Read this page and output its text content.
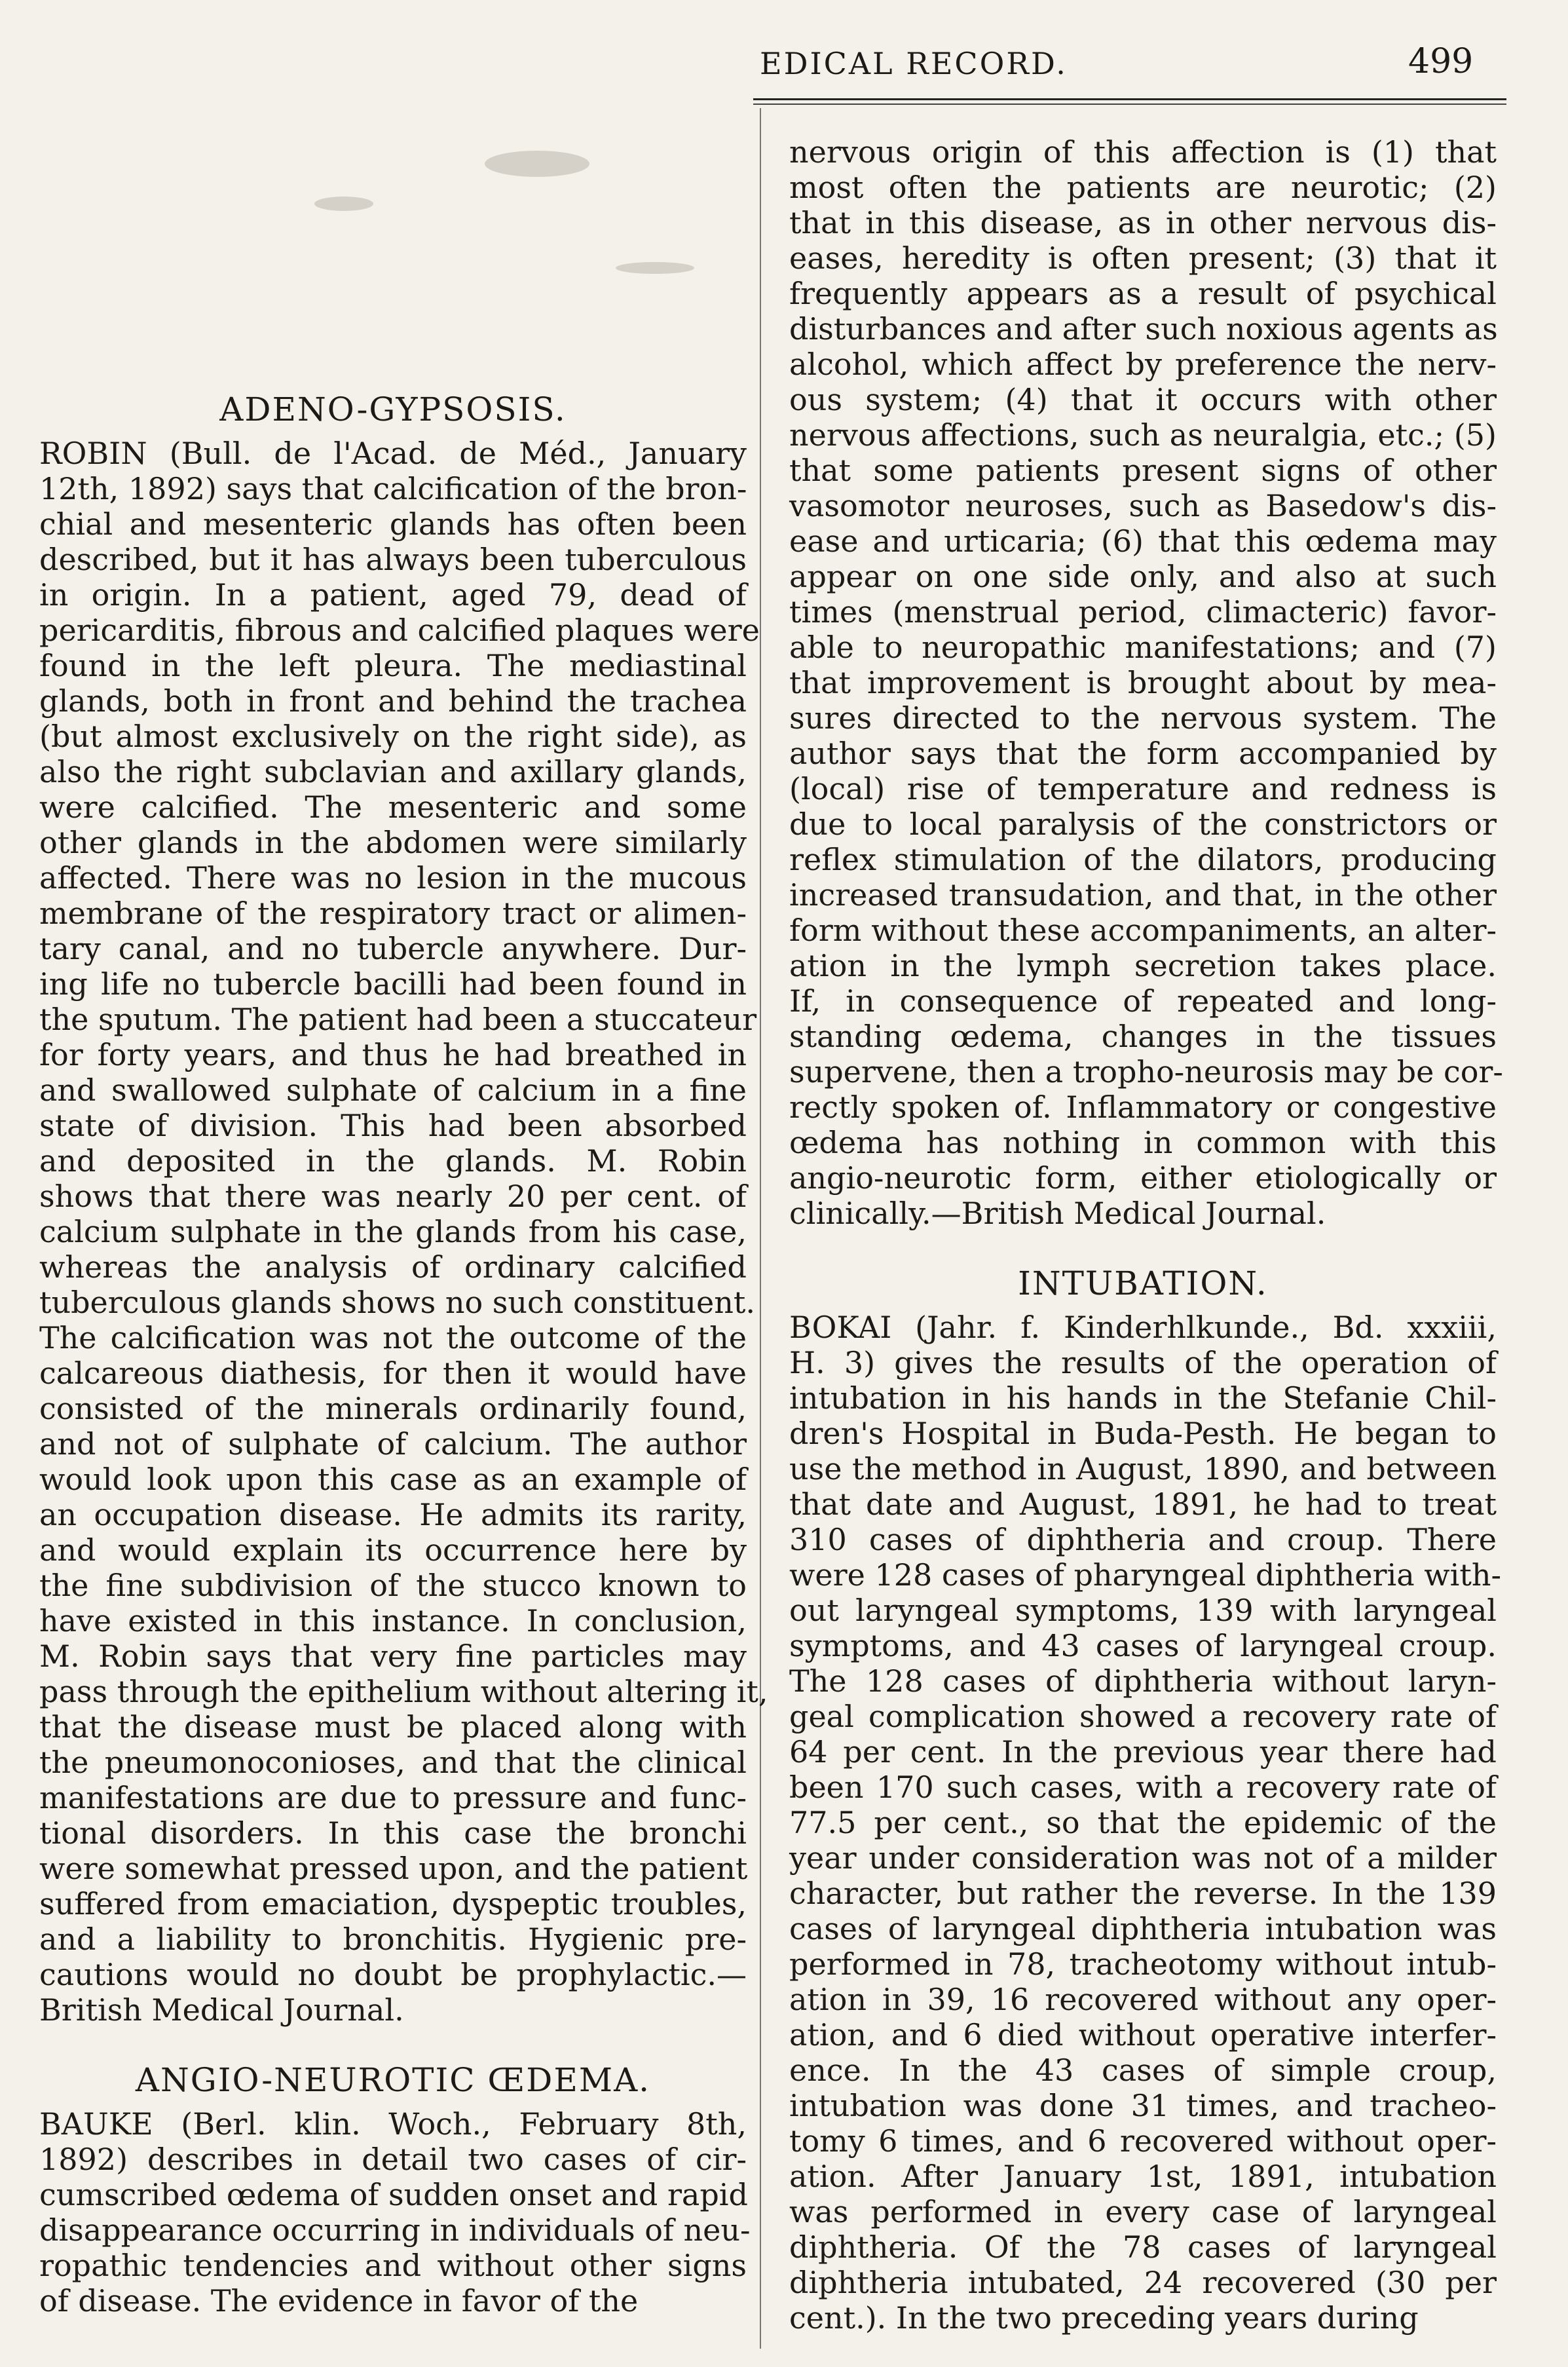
EDICAL RECORD.	499
ADENO-GYPSOSIS.
ROBIN (Bull. de l'Acad. de Méd., January
12th, 1892) says that calcification of the bron-
chial and mesenteric glands has often been
described, but it has always been tuberculous
in origin. In a patient, aged 79, dead of
pericarditis, fibrous and calcified plaques were
found in the left pleura. The mediastinal
glands, both in front and behind the trachea
(but almost exclusively on the right side), as
also the right subclavian and axillary glands,
were calcified. The mesenteric and some
other glands in the abdomen were similarly
affected. There was no lesion in the mucous
membrane of the respiratory tract or alimen-
tary canal, and no tubercle anywhere. Dur-
ing life no tubercle bacilli had been found in
the sputum. The patient had been a stuccateur
for forty years, and thus he had breathed in
and swallowed sulphate of calcium in a fine
state of division. This had been absorbed
and deposited in the glands. M. Robin
shows that there was nearly 20 per cent. of
calcium sulphate in the glands from his case,
whereas the analysis of ordinary calcified
tuberculous glands shows no such constituent.
The calcification was not the outcome of the
calcareous diathesis, for then it would have
consisted of the minerals ordinarily found,
and not of sulphate of calcium. The author
would look upon this case as an example of
an occupation disease. He admits its rarity,
and would explain its occurrence here by
the fine subdivision of the stucco known to
have existed in this instance. In conclusion,
M. Robin says that very fine particles may
pass through the epithelium without altering it,
that the disease must be placed along with
the pneumonoconioses, and that the clinical
manifestations are due to pressure and func-
tional disorders. In this case the bronchi
were somewhat pressed upon, and the patient
suffered from emaciation, dyspeptic troubles,
and a liability to bronchitis. Hygienic pre-
cautions would no doubt be prophylactic.—
British Medical Journal.
ANGIO-NEUROTIC ŒDEMA.
BAUKE (Berl. klin. Woch., February 8th,
1892) describes in detail two cases of cir-
cumscribed œdema of sudden onset and rapid
disappearance occurring in individuals of neu-
ropathic tendencies and without other signs
of disease. The evidence in favor of the
nervous origin of this affection is (1) that
most often the patients are neurotic; (2)
that in this disease, as in other nervous dis-
eases, heredity is often present; (3) that it
frequently appears as a result of psychical
disturbances and after such noxious agents as
alcohol, which affect by preference the nerv-
ous system; (4) that it occurs with other
nervous affections, such as neuralgia, etc.; (5)
that some patients present signs of other
vasomotor neuroses, such as Basedow's dis-
ease and urticaria; (6) that this œdema may
appear on one side only, and also at such
times (menstrual period, climacteric) favor-
able to neuropathic manifestations; and (7)
that improvement is brought about by mea-
sures directed to the nervous system. The
author says that the form accompanied by
(local) rise of temperature and redness is
due to local paralysis of the constrictors or
reflex stimulation of the dilators, producing
increased transudation, and that, in the other
form without these accompaniments, an alter-
ation in the lymph secretion takes place.
If, in consequence of repeated and long-
standing œdema, changes in the tissues
supervene, then a tropho-neurosis may be cor-
rectly spoken of. Inflammatory or congestive
œdema has nothing in common with this
angio-neurotic form, either etiologically or
clinically.—British Medical Journal.
INTUBATION.
BOKAI (Jahr. f. Kinderhlkunde., Bd. xxxiii,
H. 3) gives the results of the operation of
intubation in his hands in the Stefanie Chil-
dren's Hospital in Buda-Pesth. He began to
use the method in August, 1890, and between
that date and August, 1891, he had to treat
310 cases of diphtheria and croup. There
were 128 cases of pharyngeal diphtheria with-
out laryngeal symptoms, 139 with laryngeal
symptoms, and 43 cases of laryngeal croup.
The 128 cases of diphtheria without laryn-
geal complication showed a recovery rate of
64 per cent. In the previous year there had
been 170 such cases, with a recovery rate of
77.5 per cent., so that the epidemic of the
year under consideration was not of a milder
character, but rather the reverse. In the 139
cases of laryngeal diphtheria intubation was
performed in 78, tracheotomy without intub-
ation in 39, 16 recovered without any oper-
ation, and 6 died without operative interfer-
ence. In the 43 cases of simple croup,
intubation was done 31 times, and tracheo-
tomy 6 times, and 6 recovered without oper-
ation. After January 1st, 1891, intubation
was performed in every case of laryngeal
diphtheria. Of the 78 cases of laryngeal
diphtheria intubated, 24 recovered (30 per
cent.). In the two preceding years during
